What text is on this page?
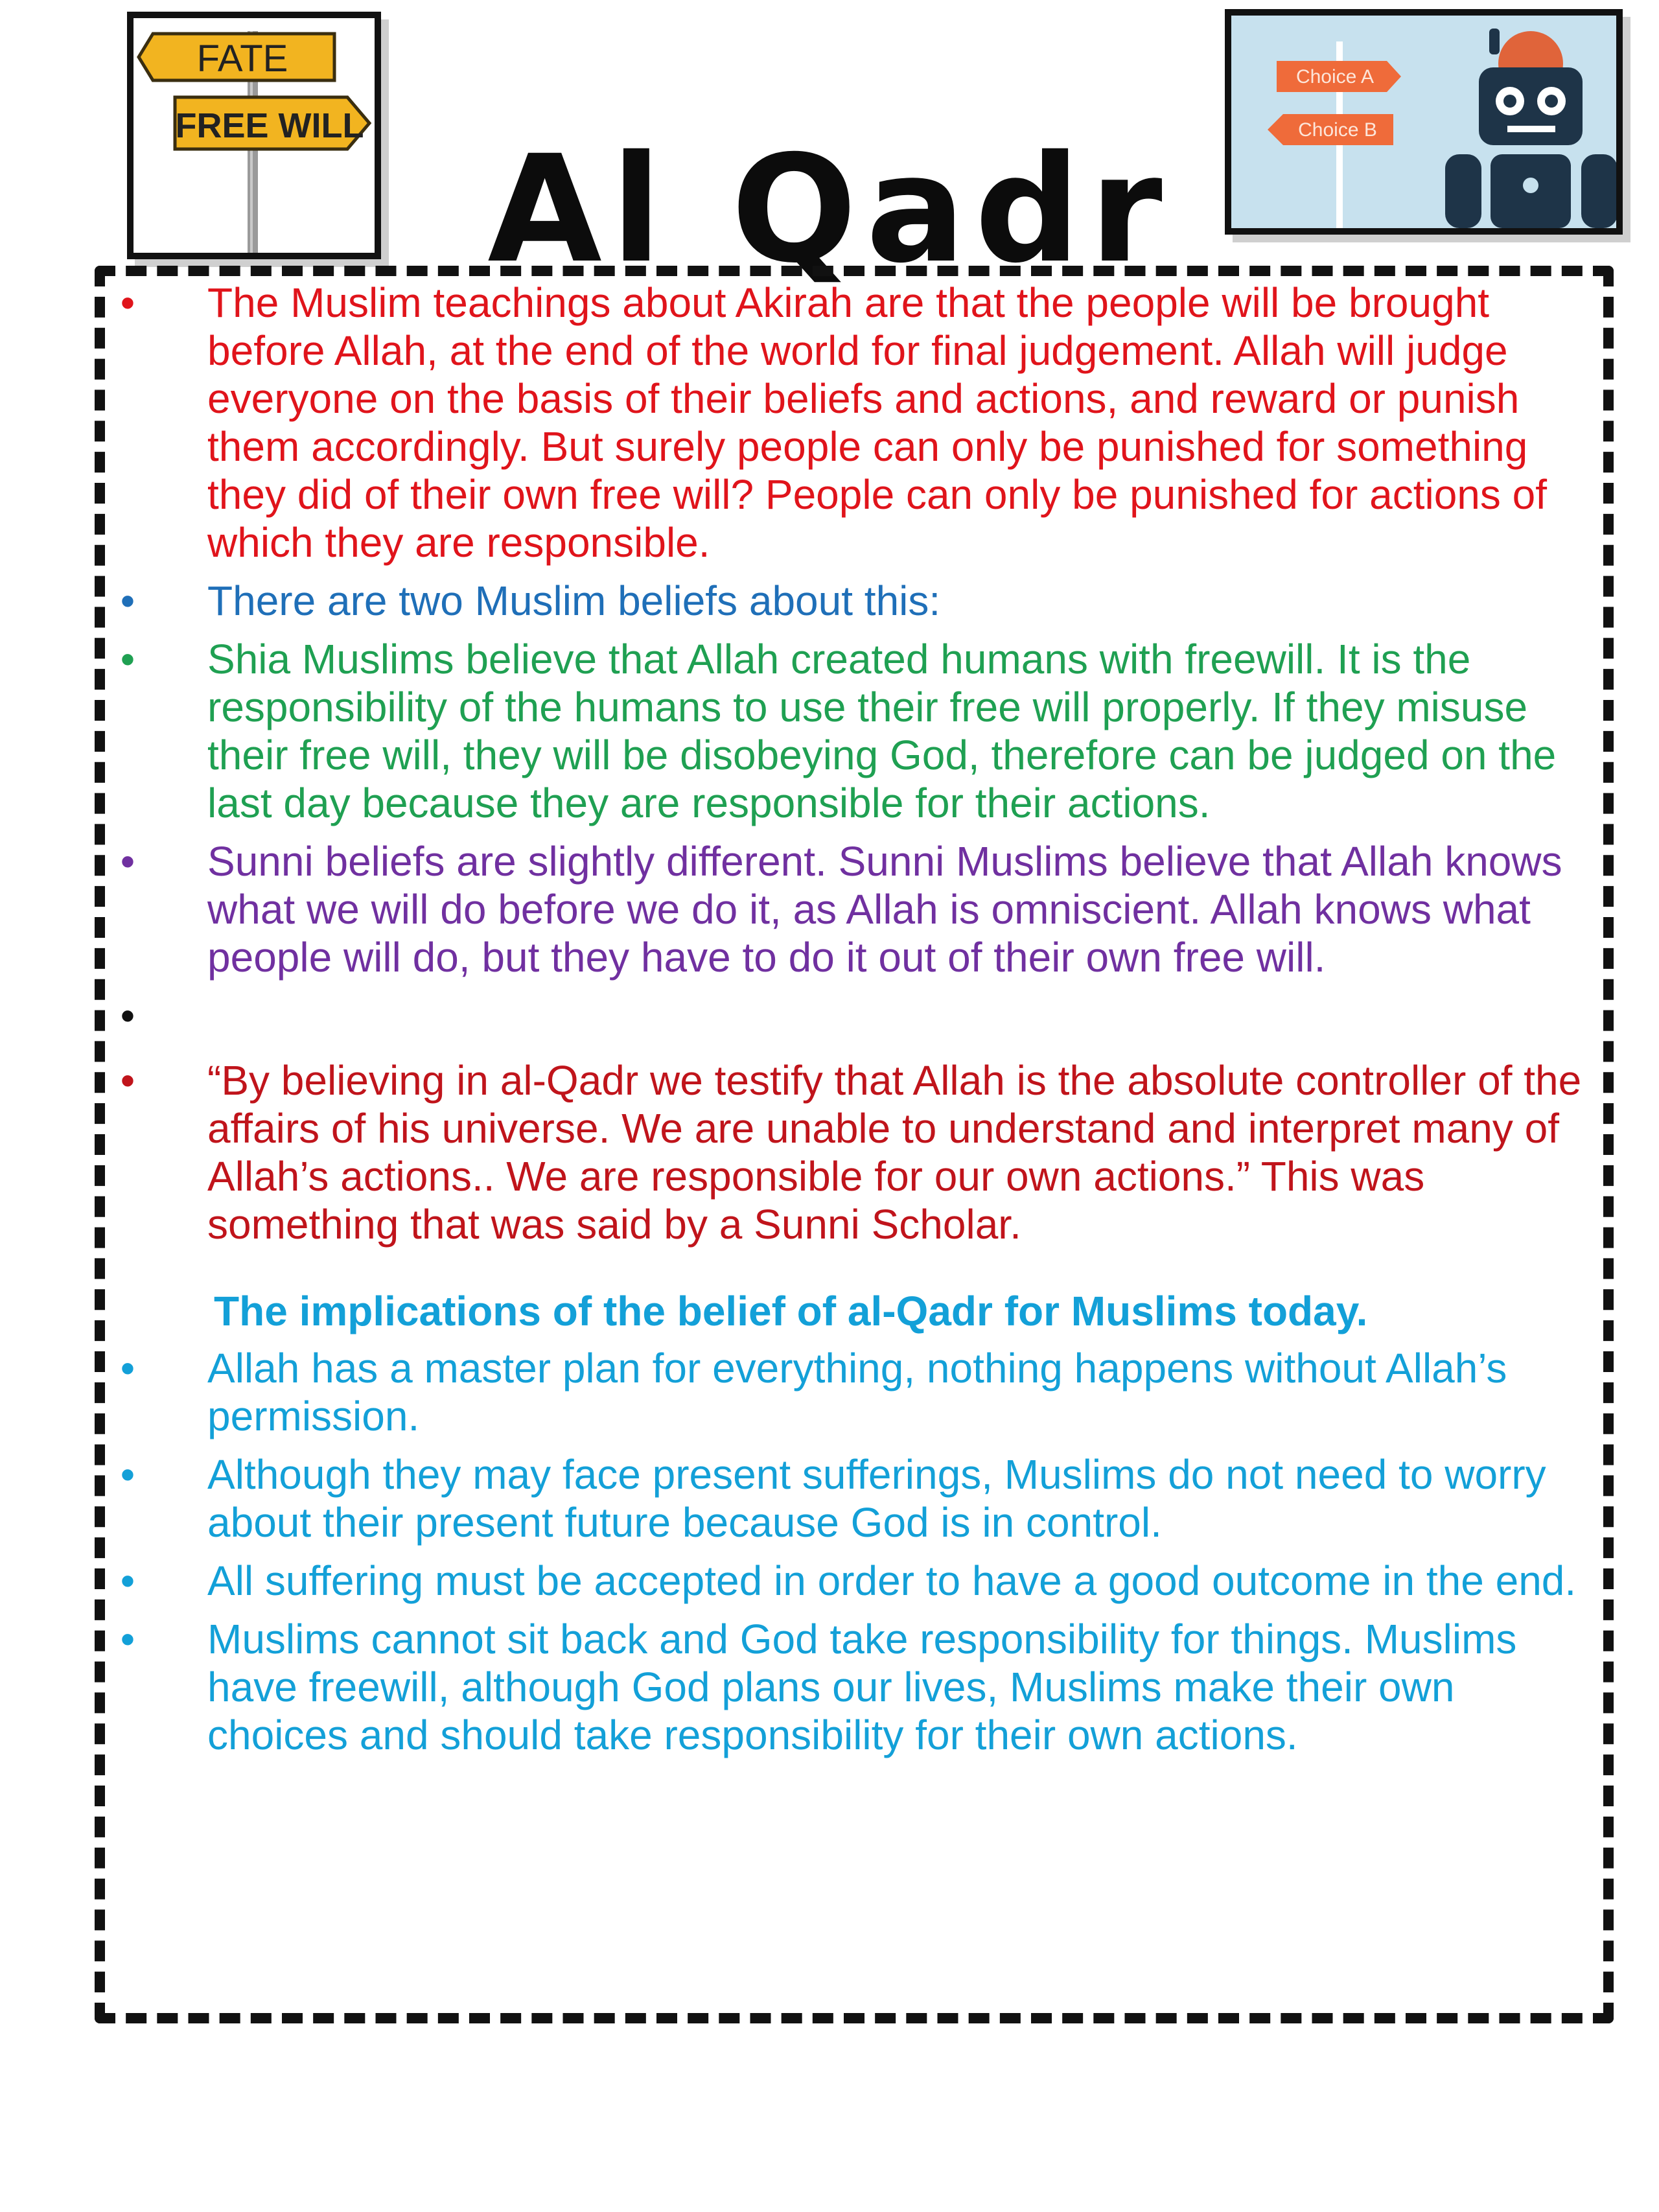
FATE
FREE WILL Al Qadr
Choice A
Choice B
• The Muslim teachings about Akirah are that the people will be brought before Allah, at the end of the world for final judgement. Allah will judge everyone on the basis of their beliefs and actions, and reward or punish them accordingly. But surely people can only be punished for something they did of their own free will? People can only be punished for actions of which they are responsible.
• There are two Muslim beliefs about this:
• Shia Muslims believe that Allah created humans with freewill. It is the responsibility of the humans to use their free will properly. If they misuse their free will, they will be disobeying God, therefore can be judged on the last day because they are responsible for their actions.
• Sunni beliefs are slightly different. Sunni Muslims believe that Allah knows what we will do before we do it, as Allah is omniscient. Allah knows what people will do, but they have to do it out of their own free will.
•
• “By believing in al-Qadr we testify that Allah is the absolute controller of the affairs of his universe. We are unable to understand and interpret many of Allah’s actions.. We are responsible for our own actions.” This was something that was said by a Sunni Scholar.
The implications of the belief of al-Qadr for Muslims today.
• Allah has a master plan for everything, nothing happens without Allah’s permission.
• Although they may face present sufferings, Muslims do not need to worry about their present future because God is in control.
• All suffering must be accepted in order to have a good outcome in the end.
• Muslims cannot sit back and God take responsibility for things. Muslims have freewill, although God plans our lives, Muslims make their own choices and should take responsibility for their own actions.
